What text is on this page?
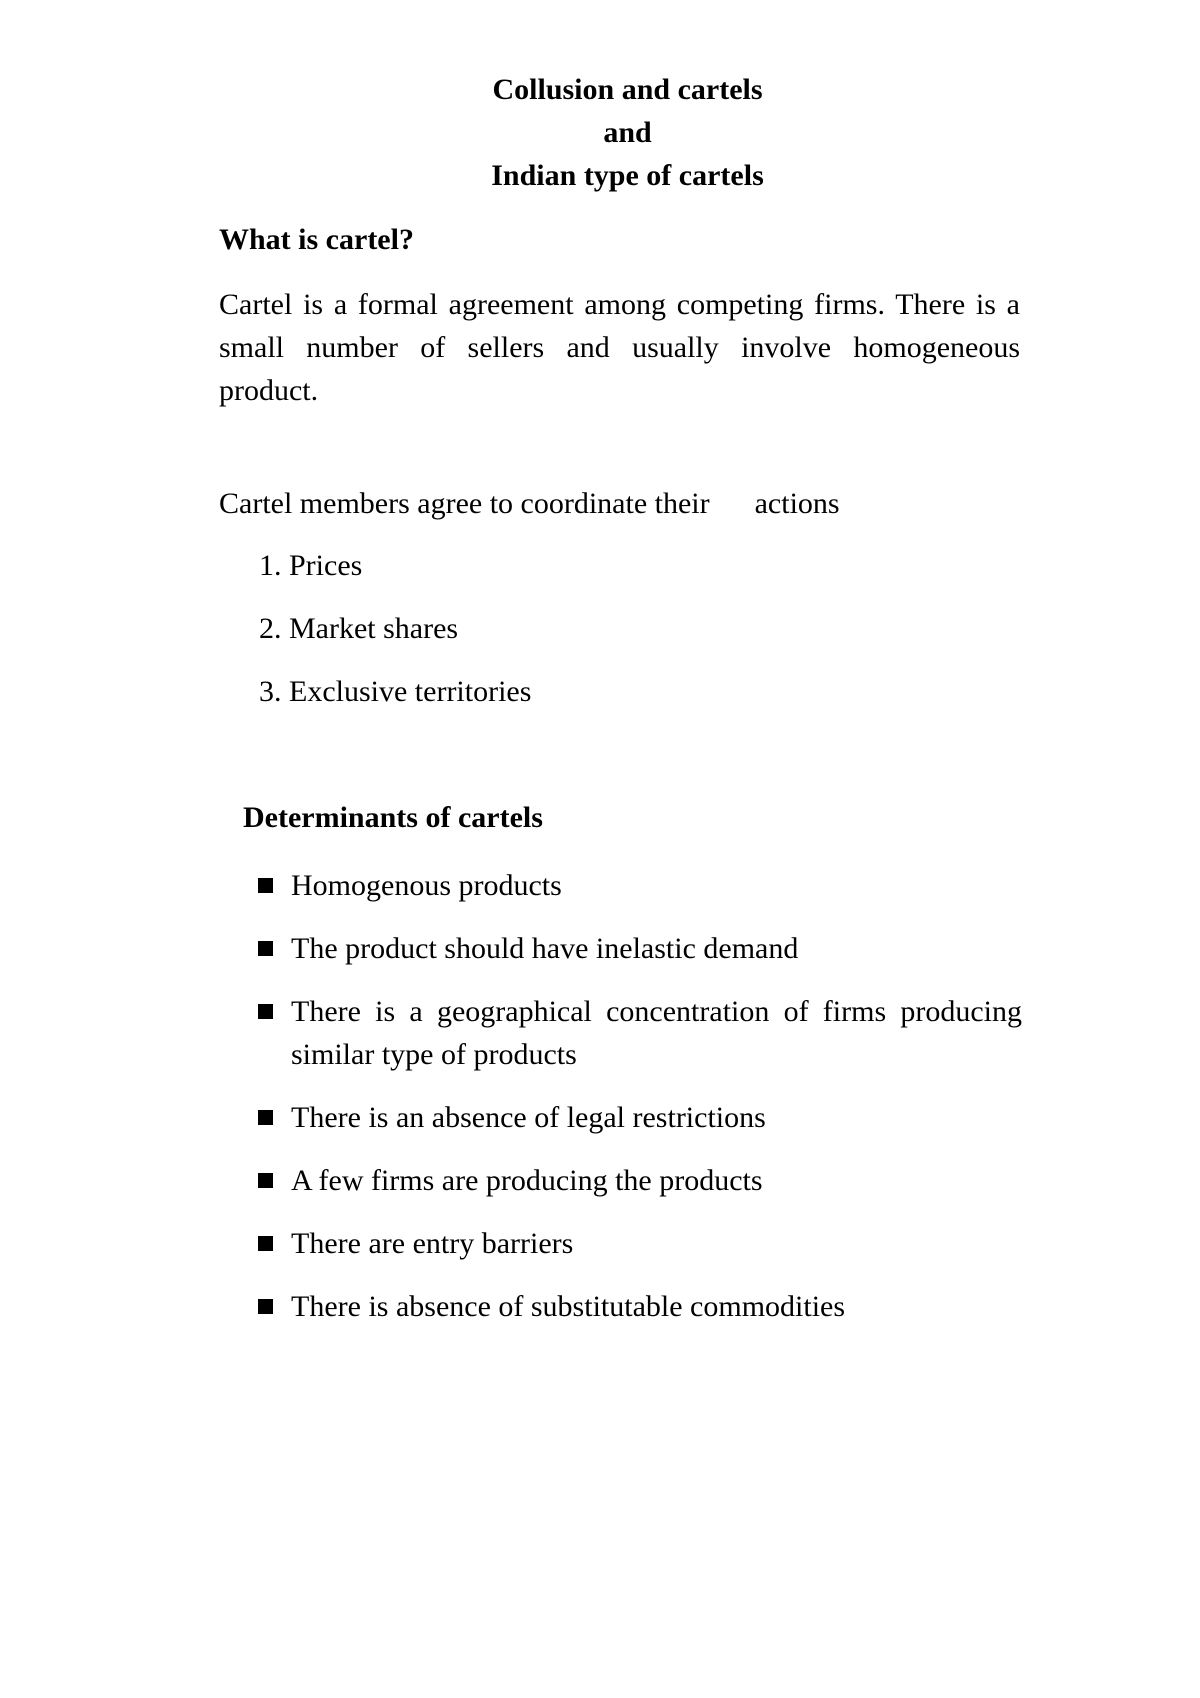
Collusion and cartels
and
Indian type of cartels
What is cartel?

Cartel is a formal agreement among competing firms. There is a small number of sellers and usually involve homogeneous product.

Cartel members agree to coordinate their      actions

1. Prices
2. Market shares
3. Exclusive territories
Determinants of cartels
Homogenous products
The product should have inelastic demand
There is a geographical concentration of firms producing similar type of products
There is an absence of legal restrictions
A few firms are producing the products
There are entry barriers
There is absence of substitutable commodities
